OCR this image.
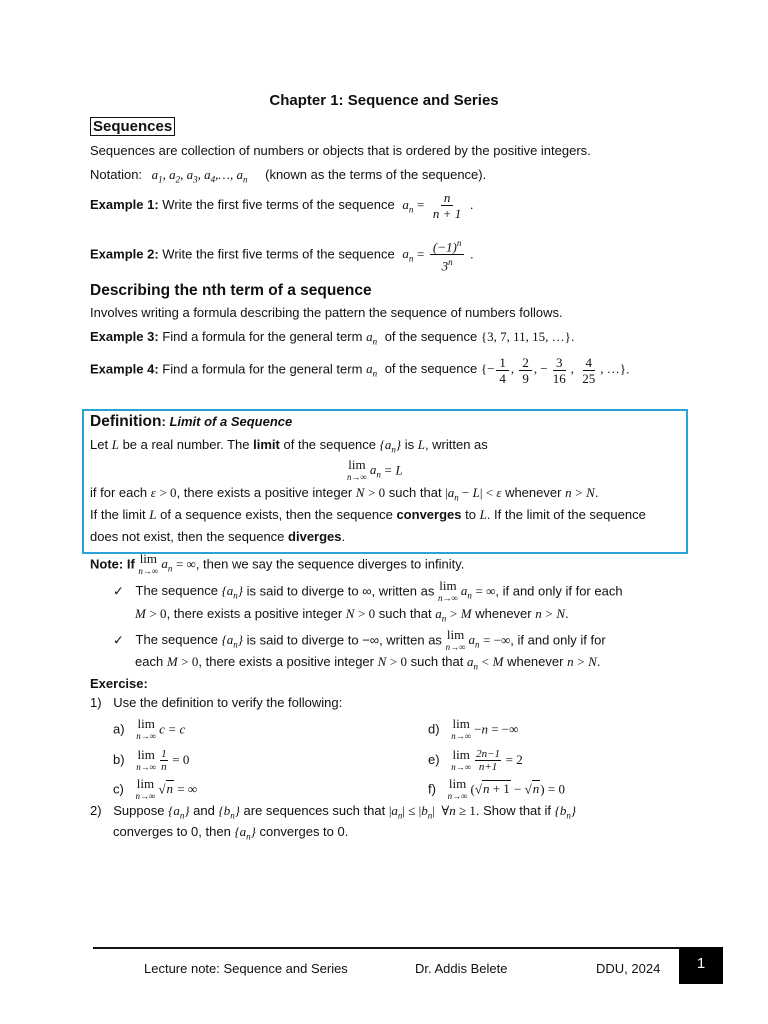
Chapter 1: Sequence and Series
Sequences
Sequences are collection of numbers or objects that is ordered by the positive integers.
Notation: $a_1$, $a_2$, $a_3$, $a_4,\dots$, $a_n$ (known as the terms of the sequence).
Example 1: Write the first five terms of the sequence $a_n = \frac{n}{n + 1}$ .
Example 2: Write the first five terms of the sequence $a_n = \frac{(-1)^n}{3^n}$ .
Describing the nth term of a sequence
Involves writing a formula describing the pattern the sequence of numbers follows.
Example 3: Find a formula for the general term $a_n$ of the sequence {3, 7, 11, 15, …}.
Example 4: Find a formula for the general term $a_n$ of the sequence {− $\frac{1}{4}$ , $\frac{2}{9}$ , − $\frac{3}{16}$ , $\frac{4}{25}$ , …}.
Definition: Limit of a Sequence
Let L be a real number. The limit of the sequence $\{a_n\}$ is L, written as
lim
n→∞ $a_n = L$
if for each ε > 0, there exists a positive integer N > 0 such that $|a_n - L| < \varepsilon$ whenever n > N.
If the limit L of a sequence exists, then the sequence converges to L. If the limit of the sequence
does not exist, then the sequence diverges.
Note: If lim
n→∞ $a_n$ = ∞, then we say the sequence diverges to infinity.
✓ The sequence $\{a_n\}$ is said to diverge to ∞, written as lim
n→∞ $a_n$ = ∞, if and only if for each
M > 0, there exists a positive integer N > 0 such that $a_n > M$ whenever n > N.
✓ The sequence $\{a_n\}$ is said to diverge to −∞, written as lim
n→∞ $a_n$ = −∞, if and only if for
each M > 0, there exists a positive integer N > 0 such that $a_n < M$ whenever n > N.
Exercise:
1) Use the definition to verify the following:
a) lim
n→∞ c = c
b) lim
$n\to\infty \frac{1}{n} = 0$
c) lim
n→∞ √n = ∞
d) lim
n→∞ −n = −∞
e) lim
$n\to\infty \frac{2n-1}{n+1} = 2$
f) lim
n→∞ (√n + 1 − √n) = 0
2) Suppose $\{a_n\}$ and $\{b_n\}$ are sequences such that $|a_n| \le |b_n|$  ∀n ≥ 1. Show that if $\{b_n\}$
converges to 0, then $\{a_n\}$ converges to 0.
Lecture note: Sequence and Series	Dr. Addis Belete	DDU, 2024	1
